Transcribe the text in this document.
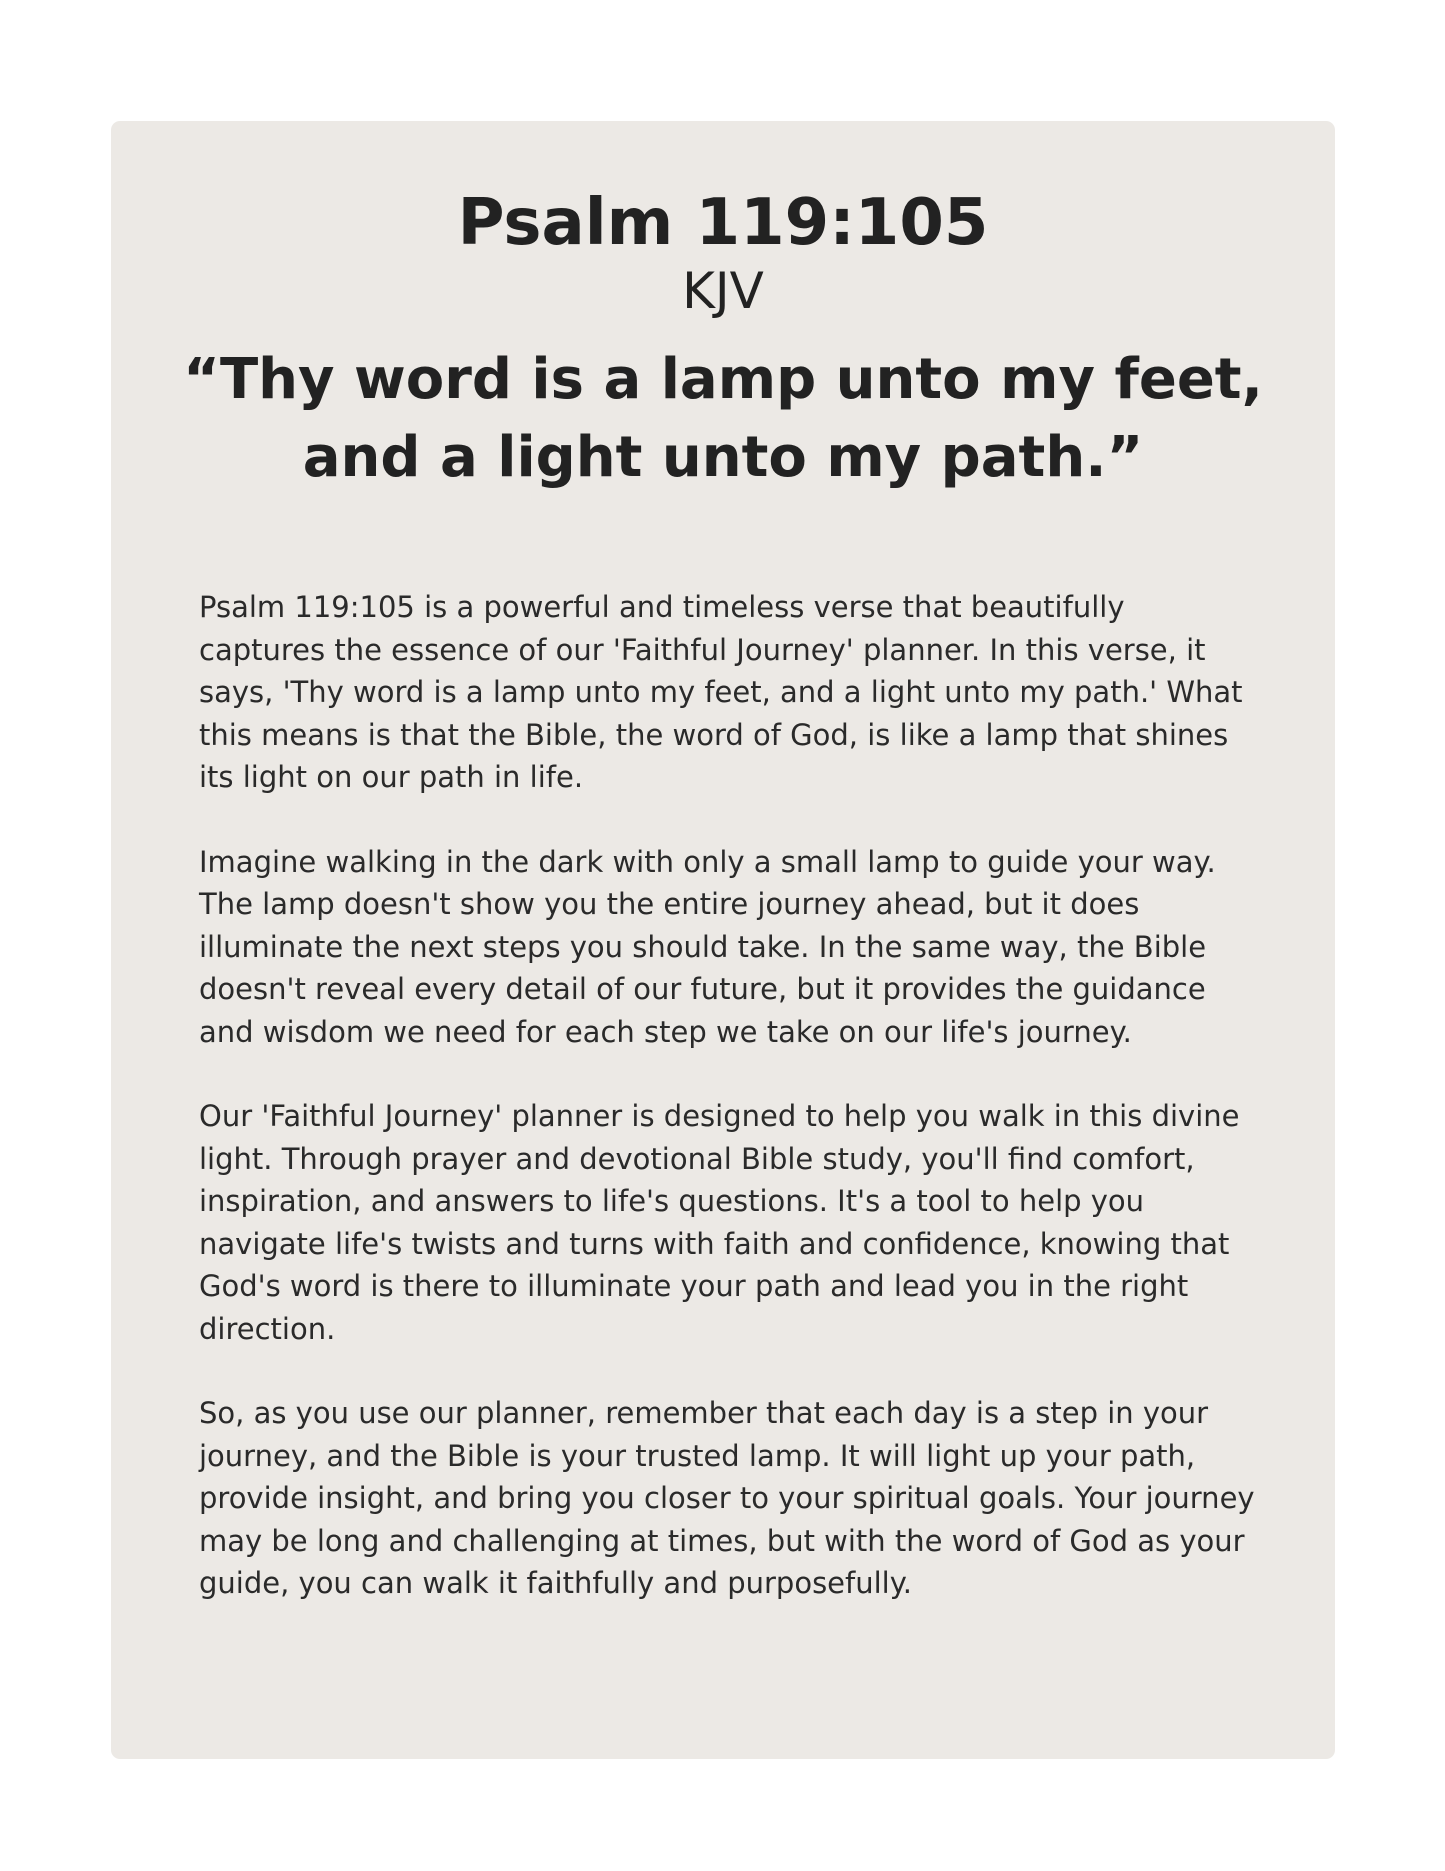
Psalm 119:105
KJV
“Thy word is a lamp unto my feet, and a light unto my path.”

Psalm 119:105 is a powerful and timeless verse that beautifully captures the essence of our 'Faithful Journey' planner. In this verse, it says, 'Thy word is a lamp unto my feet, and a light unto my path.' What this means is that the Bible, the word of God, is like a lamp that shines its light on our path in life.

Imagine walking in the dark with only a small lamp to guide your way. The lamp doesn't show you the entire journey ahead, but it does illuminate the next steps you should take. In the same way, the Bible doesn't reveal every detail of our future, but it provides the guidance and wisdom we need for each step we take on our life's journey.

Our 'Faithful Journey' planner is designed to help you walk in this divine light. Through prayer and devotional Bible study, you'll find comfort, inspiration, and answers to life's questions. It's a tool to help you navigate life's twists and turns with faith and confidence, knowing that God's word is there to illuminate your path and lead you in the right direction.

So, as you use our planner, remember that each day is a step in your journey, and the Bible is your trusted lamp. It will light up your path, provide insight, and bring you closer to your spiritual goals. Your journey may be long and challenging at times, but with the word of God as your guide, you can walk it faithfully and purposefully.
